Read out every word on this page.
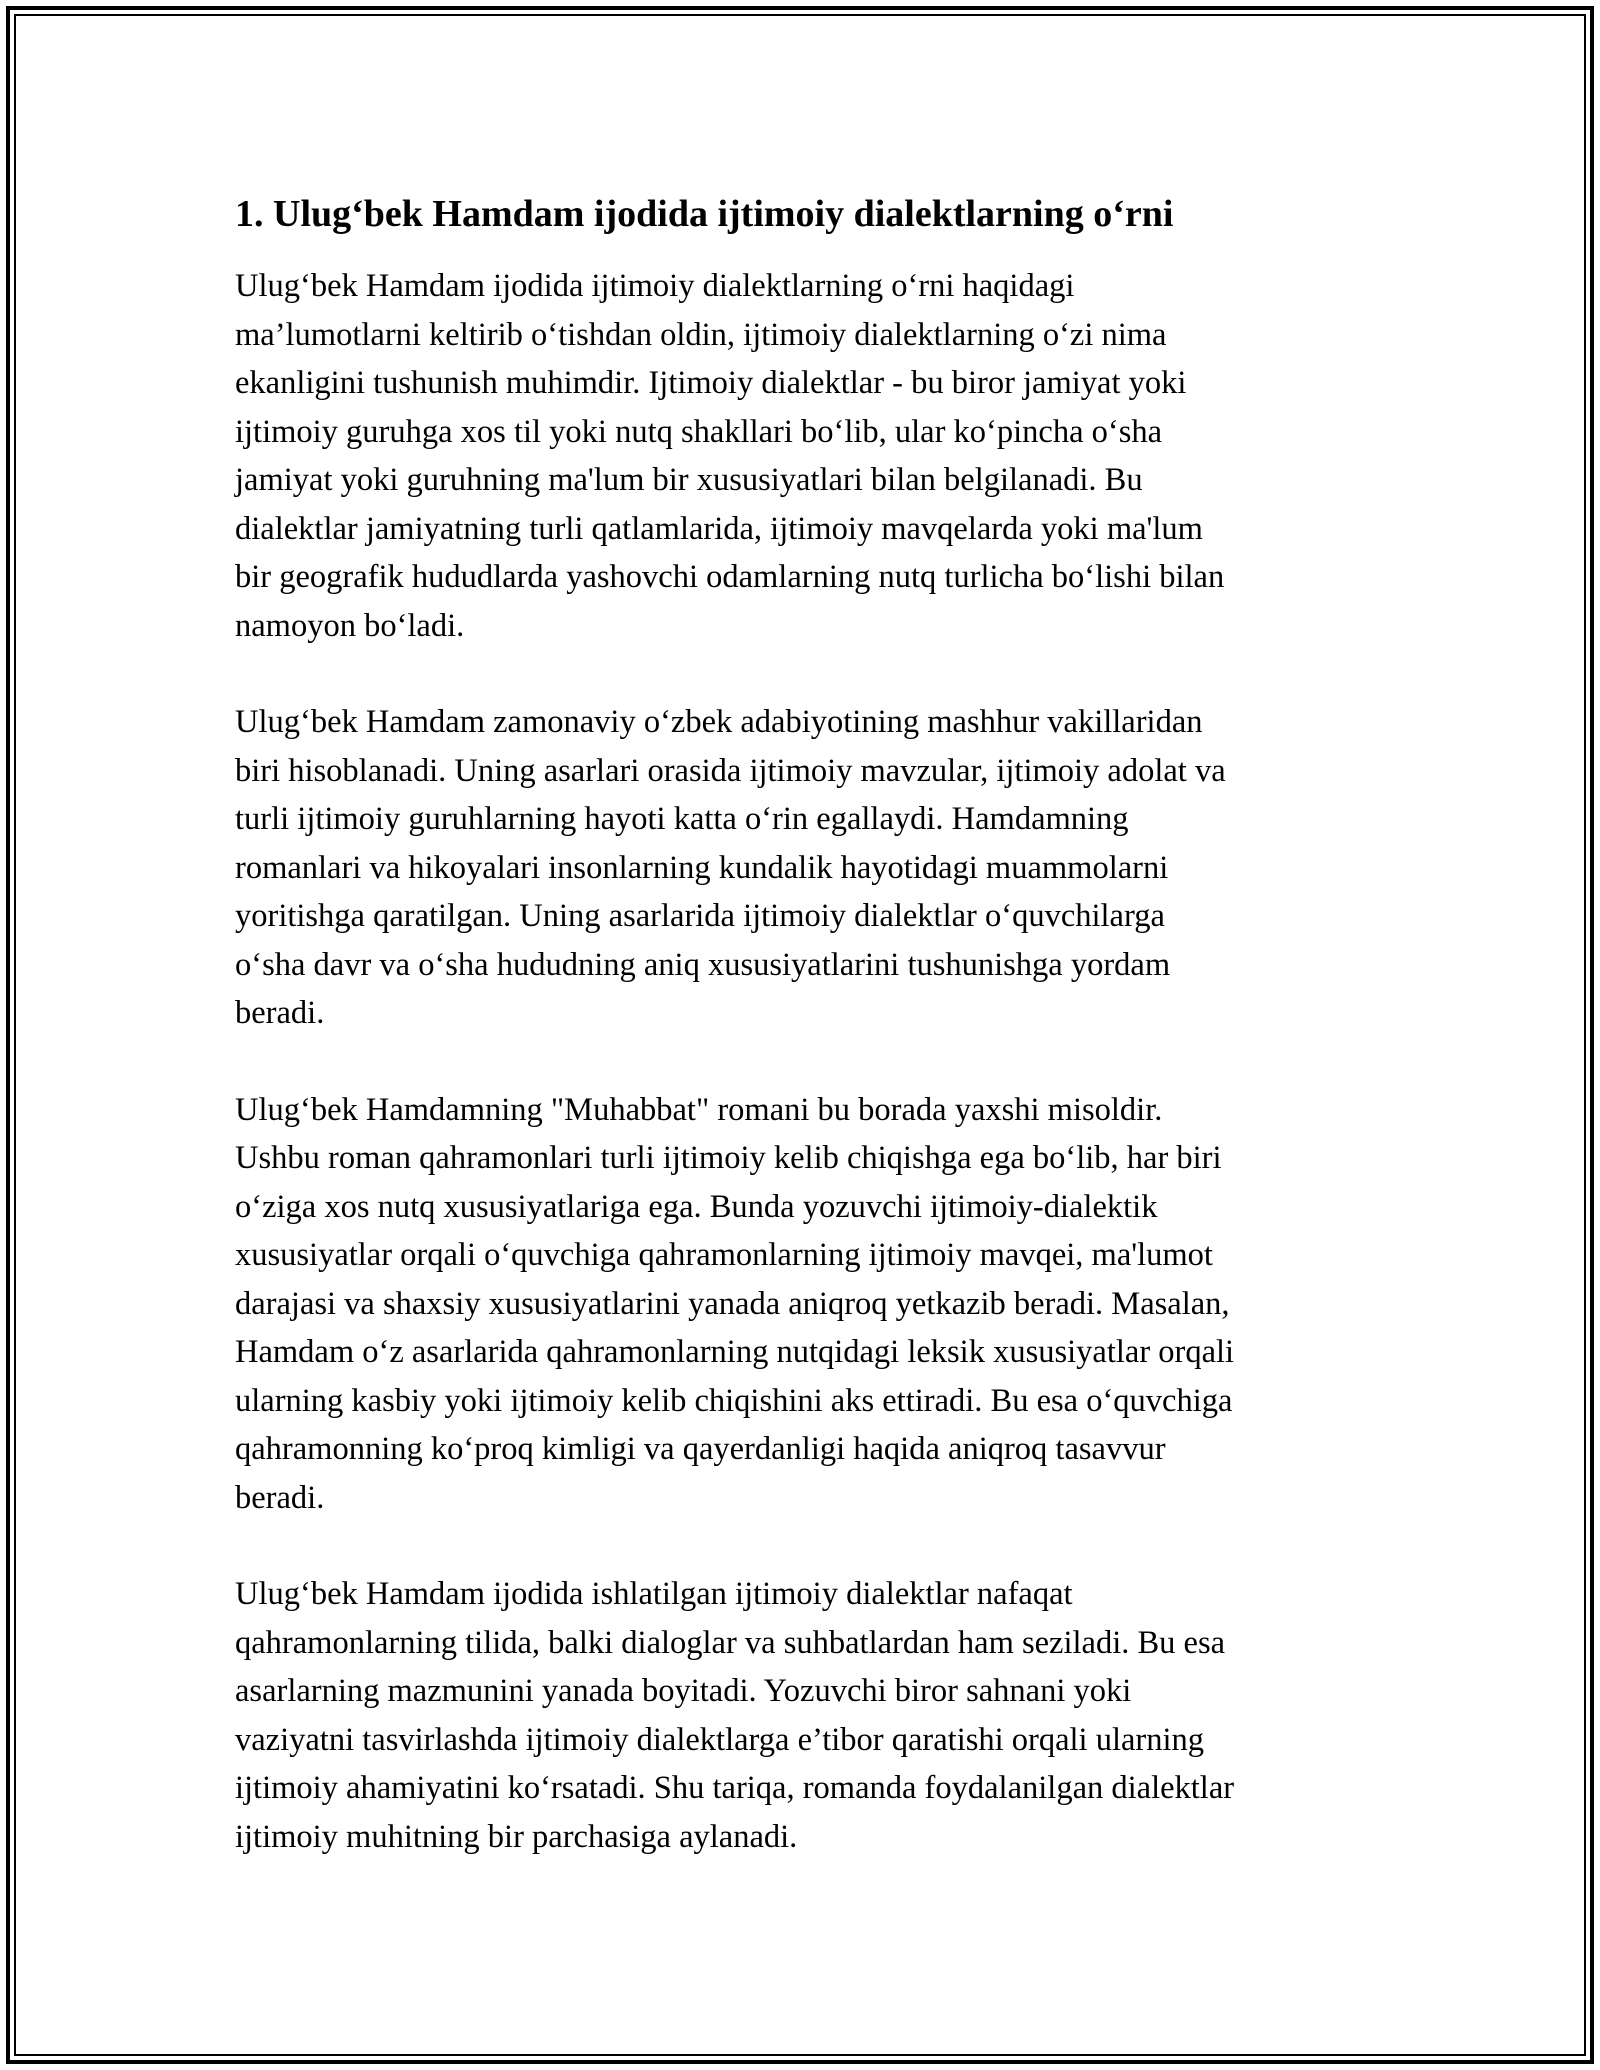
1. Ulug‘bek Hamdam ijodida ijtimoiy dialektlarning o‘rni

Ulug‘bek Hamdam ijodida ijtimoiy dialektlarning o‘rni haqidagi
ma’lumotlarni keltirib o‘tishdan oldin, ijtimoiy dialektlarning o‘zi nima
ekanligini tushunish muhimdir. Ijtimoiy dialektlar - bu biror jamiyat yoki
ijtimoiy guruhga xos til yoki nutq shakllari bo‘lib, ular ko‘pincha o‘sha
jamiyat yoki guruhning ma'lum bir xususiyatlari bilan belgilanadi. Bu
dialektlar jamiyatning turli qatlamlarida, ijtimoiy mavqelarda yoki ma'lum
bir geografik hududlarda yashovchi odamlarning nutq turlicha bo‘lishi bilan
namoyon bo‘ladi.

Ulug‘bek Hamdam zamonaviy o‘zbek adabiyotining mashhur vakillaridan
biri hisoblanadi. Uning asarlari orasida ijtimoiy mavzular, ijtimoiy adolat va
turli ijtimoiy guruhlarning hayoti katta o‘rin egallaydi. Hamdamning
romanlari va hikoyalari insonlarning kundalik hayotidagi muammolarni
yoritishga qaratilgan. Uning asarlarida ijtimoiy dialektlar o‘quvchilarga
o‘sha davr va o‘sha hududning aniq xususiyatlarini tushunishga yordam
beradi.

Ulug‘bek Hamdamning "Muhabbat" romani bu borada yaxshi misoldir.
Ushbu roman qahramonlari turli ijtimoiy kelib chiqishga ega bo‘lib, har biri
o‘ziga xos nutq xususiyatlariga ega. Bunda yozuvchi ijtimoiy-dialektik
xususiyatlar orqali o‘quvchiga qahramonlarning ijtimoiy mavqei, ma'lumot
darajasi va shaxsiy xususiyatlarini yanada aniqroq yetkazib beradi. Masalan,
Hamdam o‘z asarlarida qahramonlarning nutqidagi leksik xususiyatlar orqali
ularning kasbiy yoki ijtimoiy kelib chiqishini aks ettiradi. Bu esa o‘quvchiga
qahramonning ko‘proq kimligi va qayerdanligi haqida aniqroq tasavvur
beradi.

Ulug‘bek Hamdam ijodida ishlatilgan ijtimoiy dialektlar nafaqat
qahramonlarning tilida, balki dialoglar va suhbatlardan ham seziladi. Bu esa
asarlarning mazmunini yanada boyitadi. Yozuvchi biror sahnani yoki
vaziyatni tasvirlashda ijtimoiy dialektlarga e’tibor qaratishi orqali ularning
ijtimoiy ahamiyatini ko‘rsatadi. Shu tariqa, romanda foydalanilgan dialektlar
ijtimoiy muhitning bir parchasiga aylanadi.
